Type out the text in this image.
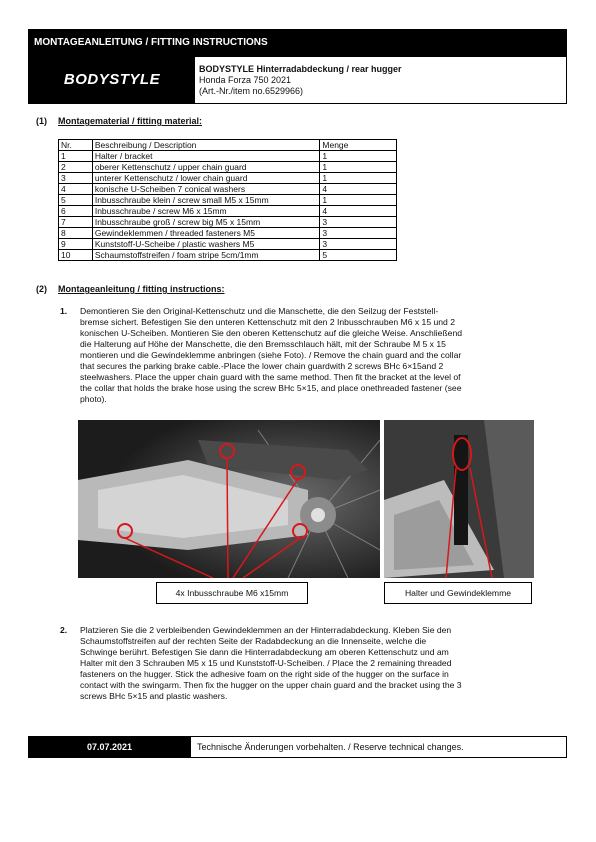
MONTAGEANLEITUNG / FITTING INSTRUCTIONS
BODYSTYLE
BODYSTYLE Hinterradabdeckung / rear hugger
Honda Forza 750 2021
(Art.-Nr./item no.6529966)
(1) Montagematerial / fitting material:
Nr.	Beschreibung / Description	Menge
1	Halter / bracket	1
2	oberer Kettenschutz / upper chain guard	1
3	unterer Kettenschutz / lower chain guard	1
4	konische U-Scheiben 7 conical washers	4
5	Inbusschraube klein / screw small M5 x 15mm	1
6	Inbusschraube / screw M6 x 15mm	4
7	Inbusschraube groß / screw big M5 x 15mm	3
8	Gewindeklemmen / threaded fasteners M5	3
9	Kunststoff-U-Scheibe / plastic washers M5	3
10	Schaumstoffstreifen / foam stripe 5cm/1mm	5
(2) Montageanleitung / fitting instructions:
1. Demontieren Sie den Original-Kettenschutz und die Manschette, die den Seilzug der Feststell-
bremse sichert. Befestigen Sie den unteren Kettenschutz mit den 2 Inbusschrauben M6 x 15 und 2
konischen U-Scheiben. Montieren Sie den oberen Kettenschutz auf die gleiche Weise. Anschließend
die Halterung auf Höhe der Manschette, die den Bremsschlauch hält, mit der Schraube M 5 x 15
montieren und die Gewindeklemme anbringen (siehe Foto). / Remove the chain guard and the collar
that secures the parking brake cable.-Place the lower chain guardwith 2 screws BHc 6×15and 2
steelwashers. Place the upper chain guard with the same method. Then fit the bracket at the level of
the collar that holds the brake hose using the screw BHc 5×15, and place onethreaded fastener (see
photo).
4x Inbusschraube M6 x15mm	Halter und Gewindeklemme
2. Platzieren Sie die 2 verbleibenden Gewindeklemmen an der Hinterradabdeckung. Kleben Sie den
Schaumstoffstreifen auf der rechten Seite der Radabdeckung an die Innenseite, welche die
Schwinge berührt. Befestigen Sie dann die Hinterradabdeckung am oberen Kettenschutz und am
Halter mit den 3 Schrauben M5 x 15 und Kunststoff-U-Scheiben. / Place the 2 remaining threaded
fasteners on the hugger. Stick the adhesive foam on the right side of the hugger on the surface in
contact with the swingarm. Then fix the hugger on the upper chain guard and the bracket using the 3
screws BHc 5×15 and plastic washers.
07.07.2021	Technische Änderungen vorbehalten. / Reserve technical changes.
